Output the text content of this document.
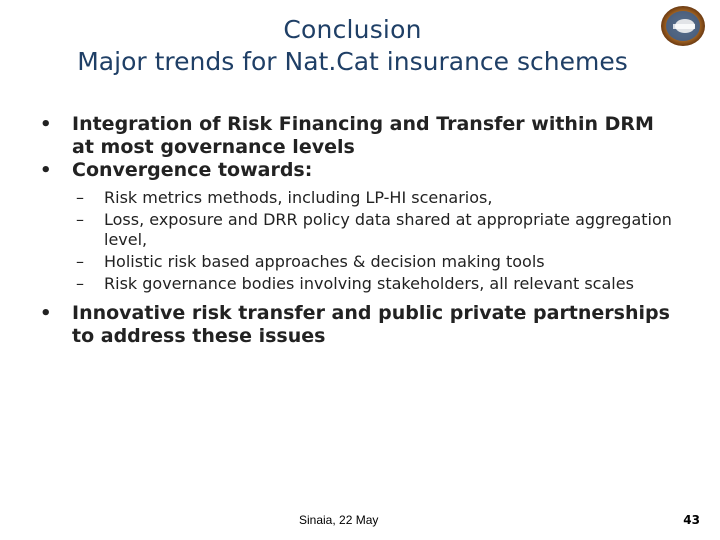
Conclusion
Major trends for Nat.Cat insurance schemes
•	Integration of Risk Financing and Transfer within DRM at most governance levels
•	Convergence towards:
–	Risk metrics methods, including LP-HI scenarios,
–	Loss, exposure and DRR policy data shared at appropriate aggregation level,
–	Holistic risk based approaches & decision making tools
–	Risk governance bodies involving stakeholders, all relevant scales
•	Innovative risk transfer and public private partnerships to address these issues
Sinaia, 22 May	43
